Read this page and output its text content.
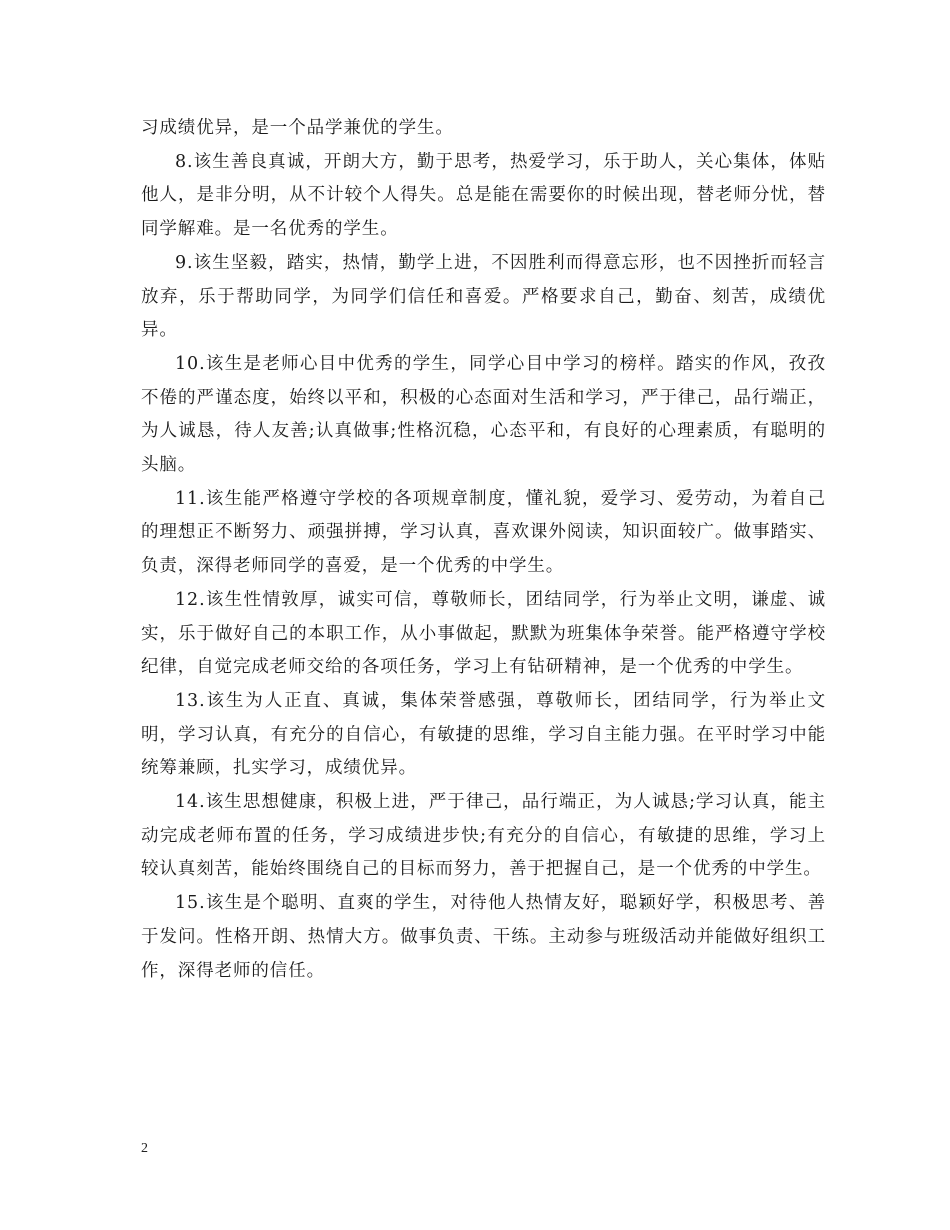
习成绩优异，是一个品学兼优的学生。

8.该生善良真诚，开朗大方，勤于思考，热爱学习，乐于助人，关心集体，体贴他人，是非分明，从不计较个人得失。总是能在需要你的时候出现，替老师分忧，替同学解难。是一名优秀的学生。

9.该生坚毅，踏实，热情，勤学上进，不因胜利而得意忘形，也不因挫折而轻言放弃，乐于帮助同学，为同学们信任和喜爱。严格要求自己，勤奋、刻苦，成绩优异。

10.该生是老师心目中优秀的学生，同学心目中学习的榜样。踏实的作风，孜孜不倦的严谨态度，始终以平和，积极的心态面对生活和学习，严于律己，品行端正，为人诚恳，待人友善;认真做事;性格沉稳，心态平和，有良好的心理素质，有聪明的头脑。

11.该生能严格遵守学校的各项规章制度，懂礼貌，爱学习、爱劳动，为着自己的理想正不断努力、顽强拼搏，学习认真，喜欢课外阅读，知识面较广。做事踏实、负责，深得老师同学的喜爱，是一个优秀的中学生。

12.该生性情敦厚，诚实可信，尊敬师长，团结同学，行为举止文明，谦虚、诚实，乐于做好自己的本职工作，从小事做起，默默为班集体争荣誉。能严格遵守学校纪律，自觉完成老师交给的各项任务，学习上有钻研精神，是一个优秀的中学生。

13.该生为人正直、真诚，集体荣誉感强，尊敬师长，团结同学，行为举止文明，学习认真，有充分的自信心，有敏捷的思维，学习自主能力强。在平时学习中能统筹兼顾，扎实学习，成绩优异。

14.该生思想健康，积极上进，严于律己，品行端正，为人诚恳;学习认真，能主动完成老师布置的任务，学习成绩进步快;有充分的自信心，有敏捷的思维，学习上较认真刻苦，能始终围绕自己的目标而努力，善于把握自己，是一个优秀的中学生。

15.该生是个聪明、直爽的学生，对待他人热情友好，聪颖好学，积极思考、善于发问。性格开朗、热情大方。做事负责、干练。主动参与班级活动并能做好组织工作，深得老师的信任。

2
